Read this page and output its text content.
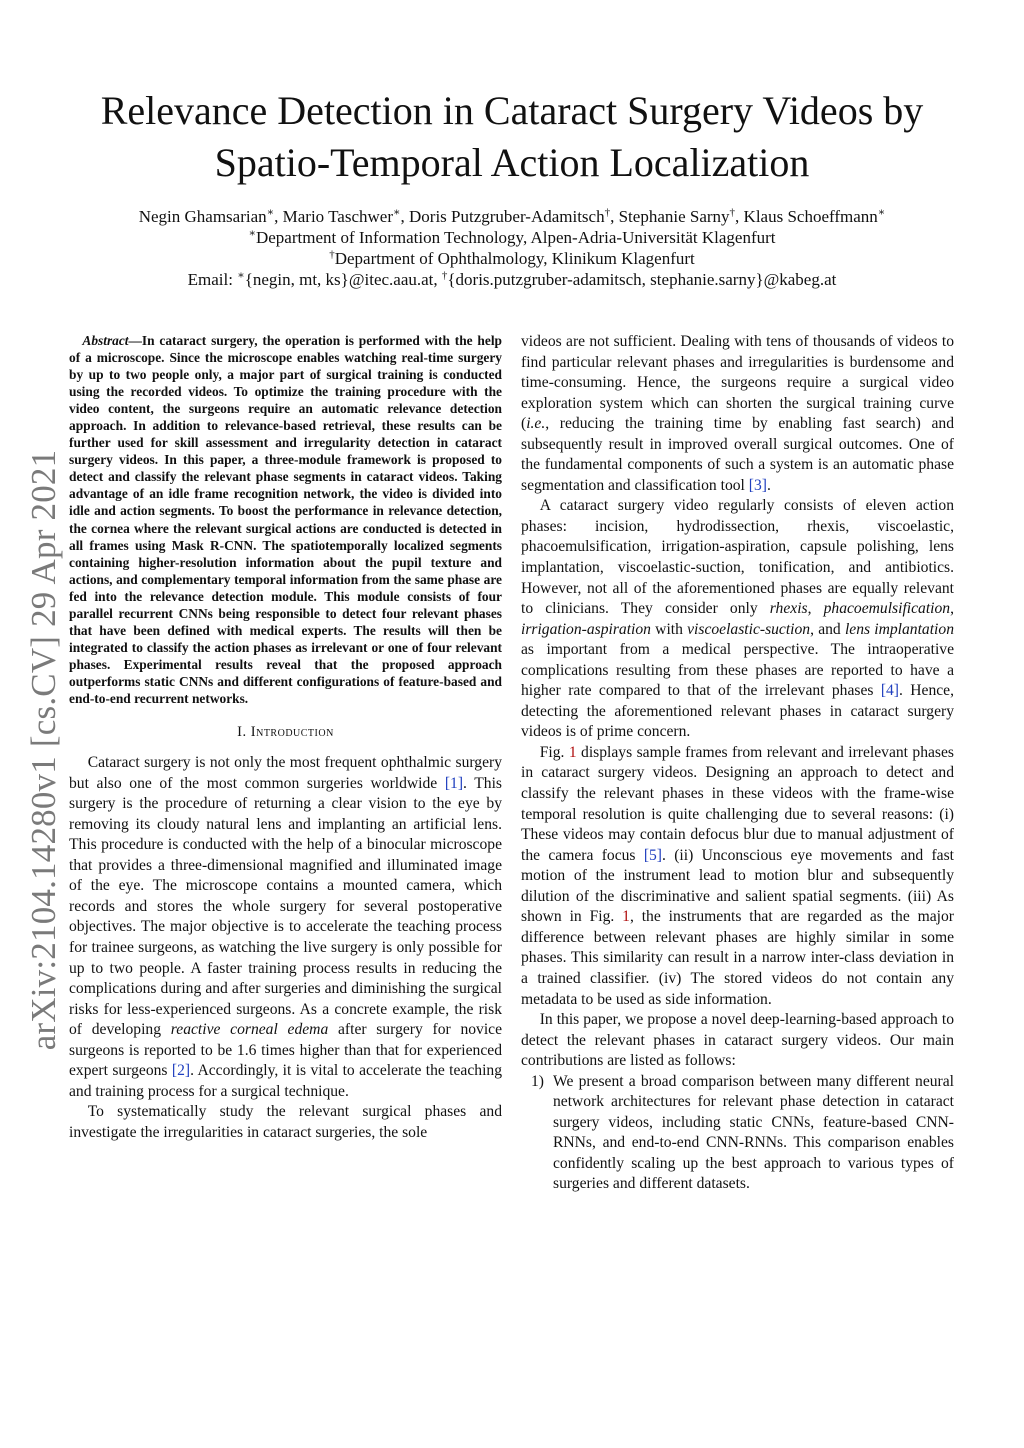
arXiv:2104.14280v1 [cs.CV] 29 Apr 2021
Relevance Detection in Cataract Surgery Videos by
Spatio-Temporal Action Localization
Negin Ghamsarian∗, Mario Taschwer∗, Doris Putzgruber-Adamitsch†, Stephanie Sarny†, Klaus Schoeffmann∗
∗Department of Information Technology, Alpen-Adria-Universität Klagenfurt
†Department of Ophthalmology, Klinikum Klagenfurt
Email: ∗{negin, mt, ks}@itec.aau.at, †{doris.putzgruber-adamitsch, stephanie.sarny}@kabeg.at

Abstract—In cataract surgery, the operation is performed with the help of a microscope. Since the microscope enables watching real-time surgery by up to two people only, a major part of surgical training is conducted using the recorded videos. To optimize the training procedure with the video content, the surgeons require an automatic relevance detection approach. In addition to relevance-based retrieval, these results can be further used for skill assessment and irregularity detection in cataract surgery videos. In this paper, a three-module framework is proposed to detect and classify the relevant phase segments in cataract videos. Taking advantage of an idle frame recognition network, the video is divided into idle and action segments. To boost the performance in relevance detection, the cornea where the relevant surgical actions are conducted is detected in all frames using Mask R-CNN. The spatiotemporally localized segments containing higher-resolution information about the pupil texture and actions, and complementary temporal information from the same phase are fed into the relevance detection module. This module consists of four parallel recurrent CNNs being responsible to detect four relevant phases that have been defined with medical experts. The results will then be integrated to classify the action phases as irrelevant or one of four relevant phases. Experimental results reveal that the proposed approach outperforms static CNNs and different configurations of feature-based and end-to-end recurrent networks.

I. Introduction

Cataract surgery is not only the most frequent ophthalmic surgery but also one of the most common surgeries worldwide [1]. This surgery is the procedure of returning a clear vision to the eye by removing its cloudy natural lens and implanting an artificial lens. This procedure is conducted with the help of a binocular microscope that provides a three-dimensional magnified and illuminated image of the eye. The microscope contains a mounted camera, which records and stores the whole surgery for several postoperative objectives. The major objective is to accelerate the teaching process for trainee surgeons, as watching the live surgery is only possible for up to two people. A faster training process results in reducing the complications during and after surgeries and diminishing the surgical risks for less-experienced surgeons. As a concrete example, the risk of developing reactive corneal edema after surgery for novice surgeons is reported to be 1.6 times higher than that for experienced expert surgeons [2]. Accordingly, it is vital to accelerate the teaching and training process for a surgical technique.

To systematically study the relevant surgical phases and investigate the irregularities in cataract surgeries, the sole

videos are not sufficient. Dealing with tens of thousands of videos to find particular relevant phases and irregularities is burdensome and time-consuming. Hence, the surgeons require a surgical video exploration system which can shorten the surgical training curve (i.e., reducing the training time by enabling fast search) and subsequently result in improved overall surgical outcomes. One of the fundamental components of such a system is an automatic phase segmentation and classification tool [3].

A cataract surgery video regularly consists of eleven action phases: incision, hydrodissection, rhexis, viscoelastic, phacoemulsification, irrigation-aspiration, capsule polishing, lens implantation, viscoelastic-suction, tonification, and antibiotics. However, not all of the aforementioned phases are equally relevant to clinicians. They consider only rhexis, phacoemulsification, irrigation-aspiration with viscoelastic-suction, and lens implantation as important from a medical perspective. The intraoperative complications resulting from these phases are reported to have a higher rate compared to that of the irrelevant phases [4]. Hence, detecting the aforementioned relevant phases in cataract surgery videos is of prime concern.

Fig. 1 displays sample frames from relevant and irrelevant phases in cataract surgery videos. Designing an approach to detect and classify the relevant phases in these videos with the frame-wise temporal resolution is quite challenging due to several reasons: (i) These videos may contain defocus blur due to manual adjustment of the camera focus [5]. (ii) Unconscious eye movements and fast motion of the instrument lead to motion blur and subsequently dilution of the discriminative and salient spatial segments. (iii) As shown in Fig. 1, the instruments that are regarded as the major difference between relevant phases are highly similar in some phases. This similarity can result in a narrow inter-class deviation in a trained classifier. (iv) The stored videos do not contain any metadata to be used as side information.

In this paper, we propose a novel deep-learning-based approach to detect the relevant phases in cataract surgery videos. Our main contributions are listed as follows:

1) We present a broad comparison between many different neural network architectures for relevant phase detection in cataract surgery videos, including static CNNs, feature-based CNN-RNNs, and end-to-end CNN-RNNs. This comparison enables confidently scaling up the best approach to various types of surgeries and different datasets.
